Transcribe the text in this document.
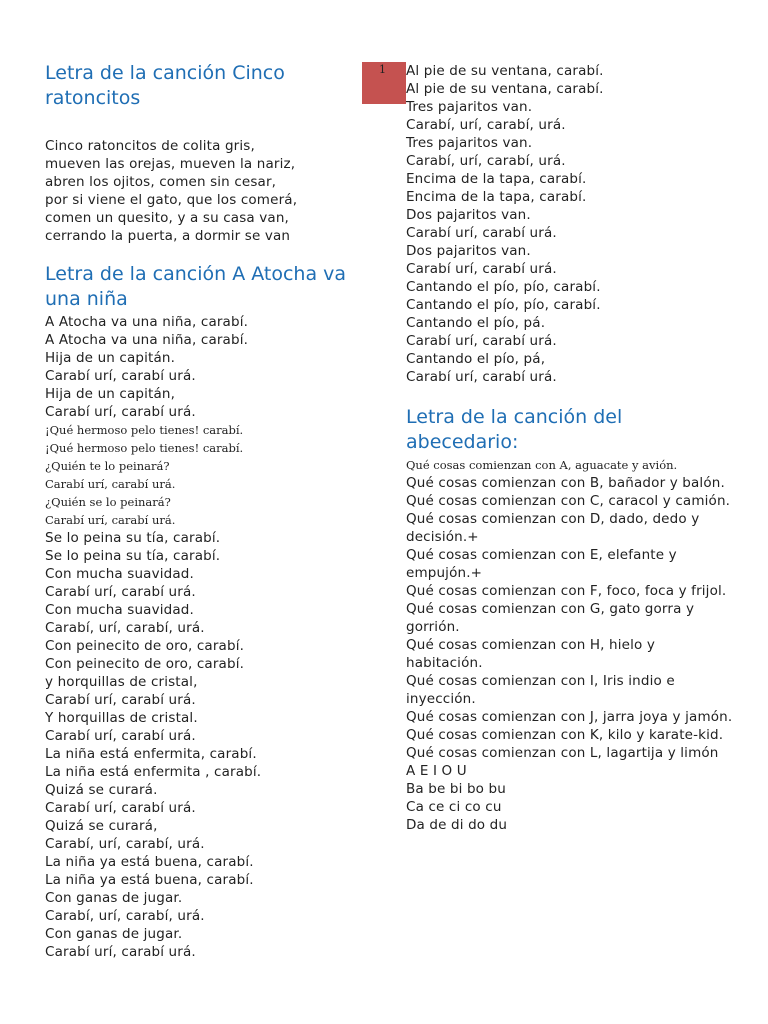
1
Letra de la canción Cinco ratoncitos
Cinco ratoncitos de colita gris,
mueven las orejas, mueven la nariz,
abren los ojitos, comen sin cesar,
por si viene el gato, que los comerá,
comen un quesito, y a su casa van,
cerrando la puerta, a dormir se van
Letra de la canción A Atocha va una niña
A Atocha va una niña, carabí.
A Atocha va una niña, carabí.
Hija de un capitán.
Carabí urí, carabí urá.
Hija de un capitán,
Carabí urí, carabí urá.
¡Qué hermoso pelo tienes! carabí.
¡Qué hermoso pelo tienes! carabí.
¿Quién te lo peinará?
Carabí urí, carabí urá.
¿Quién se lo peinará?
Carabí urí, carabí urá.
Se lo peina su tía, carabí.
Se lo peina su tía, carabí.
Con mucha suavidad.
Carabí urí, carabí urá.
Con mucha suavidad.
Carabí, urí, carabí, urá.
Con peinecito de oro, carabí.
Con peinecito de oro, carabí.
y horquillas de cristal,
Carabí urí, carabí urá.
Y horquillas de cristal.
Carabí urí, carabí urá.
La niña está enfermita, carabí.
La niña está enfermita , carabí.
Quizá se curará.
Carabí urí, carabí urá.
Quizá se curará,
Carabí, urí, carabí, urá.
La niña ya está buena, carabí.
La niña ya está buena, carabí.
Con ganas de jugar.
Carabí, urí, carabí, urá.
Con ganas de jugar.
Carabí urí, carabí urá.
Al pie de su ventana, carabí.
Al pie de su ventana, carabí.
Tres pajaritos van.
Carabí, urí, carabí, urá.
Tres pajaritos van.
Carabí, urí, carabí, urá.
Encima de la tapa, carabí.
Encima de la tapa, carabí.
Dos pajaritos van.
Carabí urí, carabí urá.
Dos pajaritos van.
Carabí urí, carabí urá.
Cantando el pío, pío, carabí.
Cantando el pío, pío, carabí.
Cantando el pío, pá.
Carabí urí, carabí urá.
Cantando el pío, pá,
Carabí urí, carabí urá.
Letra de la canción del abecedario:
Qué cosas comienzan con A, aguacate y avión.
Qué cosas comienzan con B, bañador y balón.
Qué cosas comienzan con C, caracol y camión.
Qué cosas comienzan con D, dado, dedo y decisión.+
Qué cosas comienzan con E, elefante y empujón.+
Qué cosas comienzan con F, foco, foca y frijol.
Qué cosas comienzan con G, gato gorra y gorrión.
Qué cosas comienzan con H, hielo y habitación.
Qué cosas comienzan con I, Iris indio e inyección.
Qué cosas comienzan con J, jarra joya y jamón.
Qué cosas comienzan con K, kilo y karate-kid.
Qué cosas comienzan con L, lagartija y limón
A E I O U
Ba be bi bo bu
Ca ce ci co cu
Da de di do du
